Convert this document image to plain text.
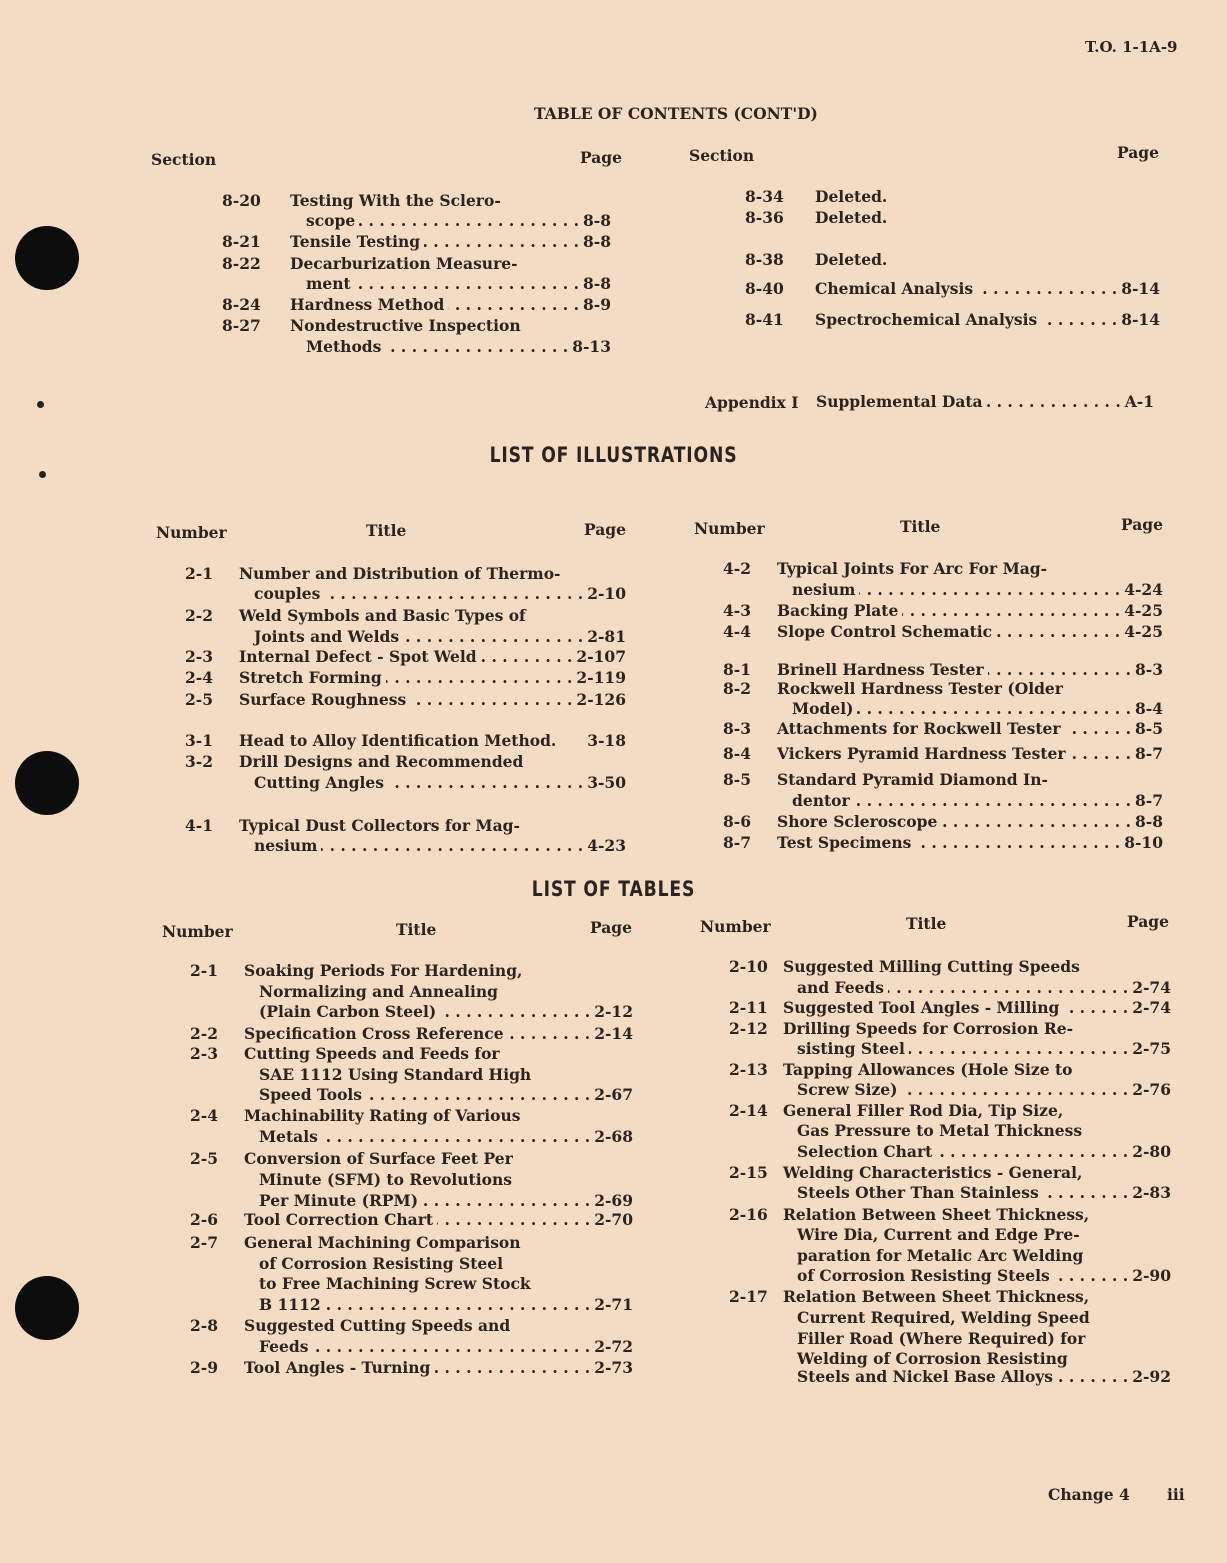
T.O. 1-1A-9
TABLE OF CONTENTS (CONT'D)
Section	Page	Section	Page
Appendix I Supplemental Data . . .	A-1
LIST OF ILLUSTRATIONS
Number	Title	Page	Number	Title	Page
LIST OF TABLES
Number	Title	Page	Number	Title	Page
8-20 Testing With the Sclero-
scope . . .	8-8
8-21 Tensile Testing . . .	8-8
8-22 Decarburization Measure-
ment . . .	8-8
8-24 Hardness Method . . .	8-9
8-27 Nondestructive Inspection
Methods . . .	8-13
8-34 Deleted.
8-36 Deleted.
8-38 Deleted.
8-40 Chemical Analysis . . .	8-14
8-41 Spectrochemical Analysis . . .	8-14
2-1 Number and Distribution of Thermo-
couples . . .	2-10
2-2 Weld Symbols and Basic Types of
Joints and Welds . . .	2-81
2-3 Internal Defect - Spot Weld . . .	2-107
2-4 Stretch Forming . . .	2-119
2-5 Surface Roughness . . .	2-126
3-1 Head to Alloy Identification Method. 3-18
3-2 Drill Designs and Recommended
Cutting Angles . . .	3-50
4-1 Typical Dust Collectors for Mag-
nesium . . .	4-23
4-2 Typical Joints For Arc For Mag-
nesium . . .	4-24
4-3 Backing Plate . . .	4-25
4-4 Slope Control Schematic . . .	4-25
8-1 Brinell Hardness Tester . . .	8-3
8-2 Rockwell Hardness Tester (Older
Model) . . .	8-4
8-3 Attachments for Rockwell Tester . . .	8-5
8-4 Vickers Pyramid Hardness Tester . . .	8-7
8-5 Standard Pyramid Diamond In-
dentor . . .	8-7
8-6 Shore Scleroscope . . .	8-8
8-7 Test Specimens . . .	8-10
2-1 Soaking Periods For Hardening,
Normalizing and Annealing
(Plain Carbon Steel) . . .	2-12
2-2 Specification Cross Reference . . .	2-14
2-3 Cutting Speeds and Feeds for
SAE 1112 Using Standard High
Speed Tools . . .	2-67
2-4 Machinability Rating of Various
Metals . . .	2-68
2-5 Conversion of Surface Feet Per
Minute (SFM) to Revolutions
Per Minute (RPM) . . .	2-69
2-6 Tool Correction Chart . . .	2-70
2-7 General Machining Comparison
of Corrosion Resisting Steel
to Free Machining Screw Stock
B 1112 . . .	2-71
2-8 Suggested Cutting Speeds and
Feeds . . .	2-72
2-9 Tool Angles - Turning . . .	2-73
2-10 Suggested Milling Cutting Speeds
and Feeds . . .	2-74
2-11 Suggested Tool Angles - Milling . . .	2-74
2-12 Drilling Speeds for Corrosion Re-
sisting Steel . . .	2-75
2-13 Tapping Allowances (Hole Size to
Screw Size) . . .	2-76
2-14 General Filler Rod Dia, Tip Size,
Gas Pressure to Metal Thickness
Selection Chart . . .	2-80
2-15 Welding Characteristics - General,
Steels Other Than Stainless . . .	2-83
2-16 Relation Between Sheet Thickness,
Wire Dia, Current and Edge Pre-
paration for Metalic Arc Welding
of Corrosion Resisting Steels . . .	2-90
2-17 Relation Between Sheet Thickness,
Current Required, Welding Speed
Filler Road (Where Required) for
Welding of Corrosion Resisting
Steels and Nickel Base Alloys . . .	2-92
Change 4 iii
